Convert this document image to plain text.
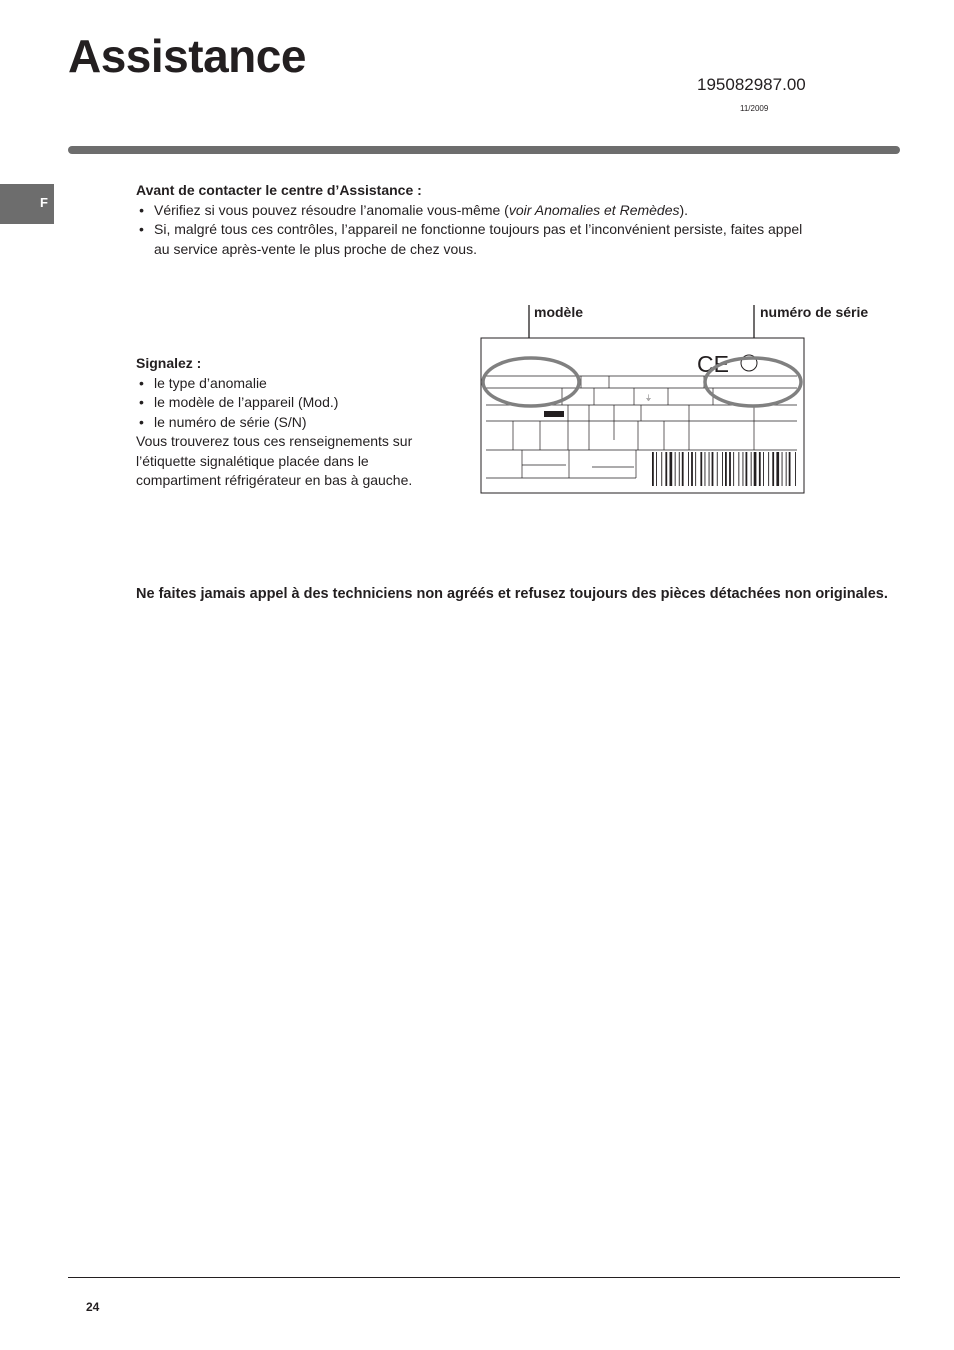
Assistance
195082987.00
11/2009
F
Avant de contacter le centre d’Assistance :
• Vérifiez si vous pouvez résoudre l’anomalie vous-même (voir Anomalies et Remèdes).
• Si, malgré tous ces contrôles, l’appareil ne fonctionne toujours pas et l’inconvénient persiste, faites appel
au service après-vente le plus proche de chez vous.
Signalez :
• le type d’anomalie
• le modèle de l’appareil (Mod.)
• le numéro de série (S/N)
Vous trouverez tous ces renseignements sur
l’étiquette signalétique placée dans le
compartiment réfrigérateur en bas à gauche.
modèle	numéro de série
⏚
CE
Ne faites jamais appel à des techniciens non agréés et refusez toujours des pièces détachées non originales.
24
